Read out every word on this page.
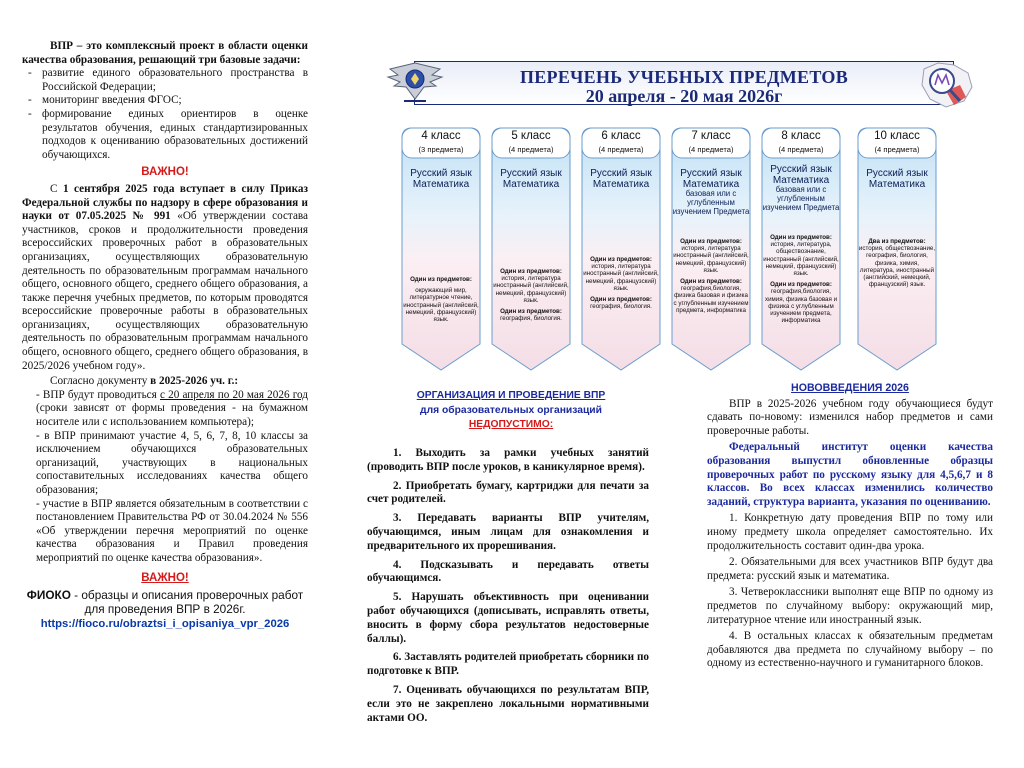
ВПР – это комплексный проект в области оценки качества образования, решающий три базовые задачи:

- развитие единого образовательного пространства в Российской Федерации;
- мониторинг введения ФГОС;
- формирование единых ориентиров в оценке результатов обучения, единых стандартизированных подходов к оцениванию образовательных достижений обучающихся.
ВАЖНО!

С 1 сентября 2025 года вступает в силу Приказ Федеральной службы по надзору в сфере образования и науки от 07.05.2025 № 991 «Об утверждении состава участников, сроков и продолжительности проведения всероссийских проверочных работ в образовательных организациях, осуществляющих образовательную деятельность по образовательным программам начального общего, основного общего, среднего общего образования, а также перечня учебных предметов, по которым проводятся всероссийские проверочные работы в образовательных организациях, осуществляющих образовательную деятельность по образовательным программам начального общего, основного общего, среднего общего образования, в 2025/2026 учебном году».

Согласно документу в 2025-2026 уч. г.:

- ВПР будут проводиться с 20 апреля по 20 мая 2026 год (сроки зависят от формы проведения - на бумажном носителе или с использованием компьютера);

- в ВПР принимают участие 4, 5, 6, 7, 8, 10 классы за исключением обучающихся образовательных организаций, участвующих в национальных сопоставительных исследованиях качества общего образования;

- участие в ВПР является обязательным в соответствии с постановлением Правительства РФ от 30.04.2024 № 556 «Об утверждении перечня мероприятий по оценке качества образования и Правил проведения мероприятий по оценке качества образования».

ВАЖНО!
ФИОКО - образцы и описания проверочных работ для проведения ВПР в 2026г.
https://fioco.ru/obraztsi_i_opisaniya_vpr_2026
ПЕРЕЧЕНЬ УЧЕБНЫХ ПРЕДМЕТОВ
20 апреля - 20 мая 2026г
4 класс
(3 предмета)
Русский язык
Математика
Один из предметов:
окружающий мир, литературное чтение, иностранный (английский, немецкий, французский) язык.
5 класс
(4 предмета)
Русский язык
Математика
Один из предметов:
история, литература иностранный (английский, немецкий, французский) язык.
Один из предметов:
география, биология.
6 класс
(4 предмета)
Русский язык
Математика
Один из предметов:
история, литература иностранный (английский, немецкий, французский) язык.
Один из предметов:
география, биология.
7 класс
(4 предмета)
Русский язык
Математика
базовая или с углубленным изучением Предмета
Один из предметов:
история, литература иностранный (английский, немецкий, французский) язык.
Один из предметов:
география,биология, физика базовая и физика с углубленным изучением предмета, информатика
8 класс
(4 предмета)
Русский язык
Математика
базовая или с углубленным изучением Предмета
Один из предметов:
история, литература, обществознание, иностранный (английский, немецкий, французский) язык.
Один из предметов:
география,биология, химия, физика базовая и физика с углубленным изучением предмета, информатика
10 класс
(4 предмета)
Русский язык
Математика
Два из предметов:
история, обществознание, география, биология, физика, химия, литература, иностранный (английский, немецкий, французский) язык.
ОРГАНИЗАЦИЯ И ПРОВЕДЕНИЕ ВПР
для образовательных организаций
НЕДОПУСТИМО:

1. Выходить за рамки учебных занятий (проводить ВПР после уроков, в каникулярное время).

2. Приобретать бумагу, картриджи для печати за счет родителей.

3. Передавать варианты ВПР учителям, обучающимся, иным лицам для ознакомления и предварительного их прорешивания.

4. Подсказывать и передавать ответы обучающимся.

5. Нарушать объективность при оценивании работ обучающихся (дописывать, исправлять ответы, вносить в форму сбора результатов недостоверные баллы).

6. Заставлять родителей приобретать сборники по подготовке к ВПР.

7. Оценивать обучающихся по результатам ВПР, если это не закреплено локальными нормативными актами ОО.

НОВОВВЕДЕНИЯ 2026

ВПР в 2025-2026 учебном году обучающиеся будут сдавать по-новому: изменился набор предметов и сами проверочные работы.

Федеральный институт оценки качества образования выпустил обновленные образцы проверочных работ по русскому языку для 4,5,6,7 и 8 классов. Во всех классах изменились количество заданий, структура варианта, указания по оцениванию.

1. Конкретную дату проведения ВПР по тому или иному предмету школа определяет самостоятельно. Их продолжительность составит один-два урока.

2. Обязательными для всех участников ВПР будут два предмета: русский язык и математика.

3. Четвероклассники выполнят еще ВПР по одному из предметов по случайному выбору: окружающий мир, литературное чтение или иностранный язык.

4. В остальных классах к обязательным предметам добавляются два предмета по случайному выбору – по одному из естественно-научного и гуманитарного блоков.
